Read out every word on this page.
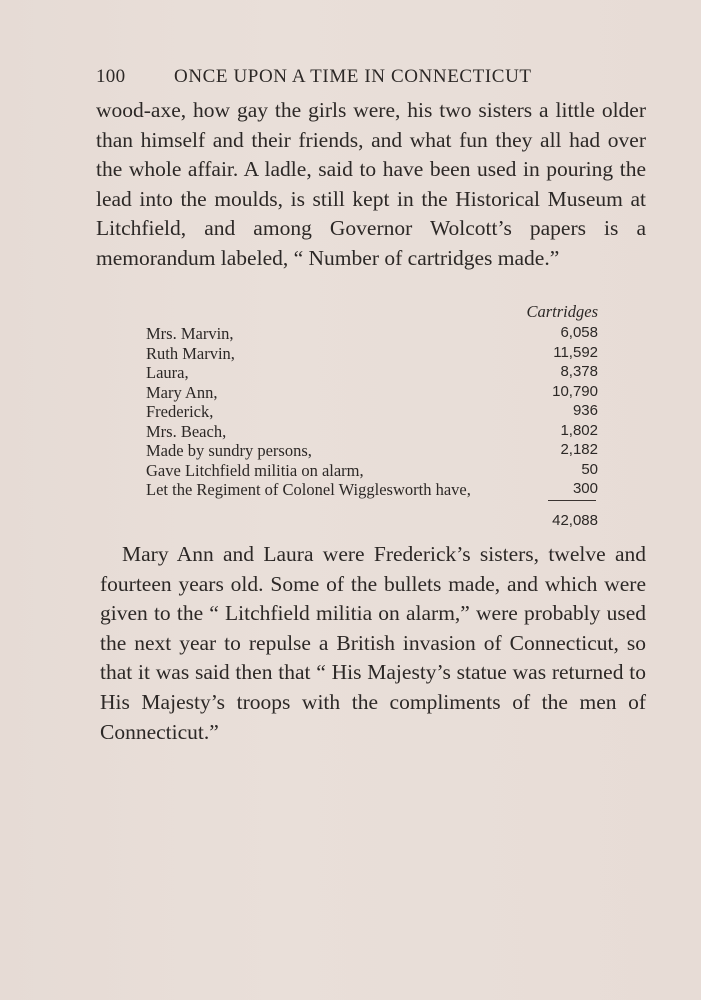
100	ONCE UPON A TIME IN CONNECTICUT

wood-axe, how gay the girls were, his two sisters a little older than himself and their friends, and what fun they all had over the whole affair. A ladle, said to have been used in pouring the lead into the moulds, is still kept in the Historical Museum at Litchfield, and among Governor Wolcott’s papers is a memorandum labeled, “ Number of cartridges made.”

Cartridges
Mrs. Marvin,	6,058
Ruth Marvin,	11,592
Laura,	8,378
Mary Ann,	10,790
Frederick,	936
Mrs. Beach,	1,802
Made by sundry persons,	2,182
Gave Litchfield militia on alarm,	50
Let the Regiment of Colonel Wigglesworth have,	300
42,088

Mary Ann and Laura were Frederick’s sisters, twelve and fourteen years old. Some of the bullets made, and which were given to the “ Litchfield militia on alarm,” were probably used the next year to repulse a British invasion of Connecticut, so that it was said then that “ His Majesty’s statue was returned to His Majesty’s troops with the compliments of the men of Connecticut.”
